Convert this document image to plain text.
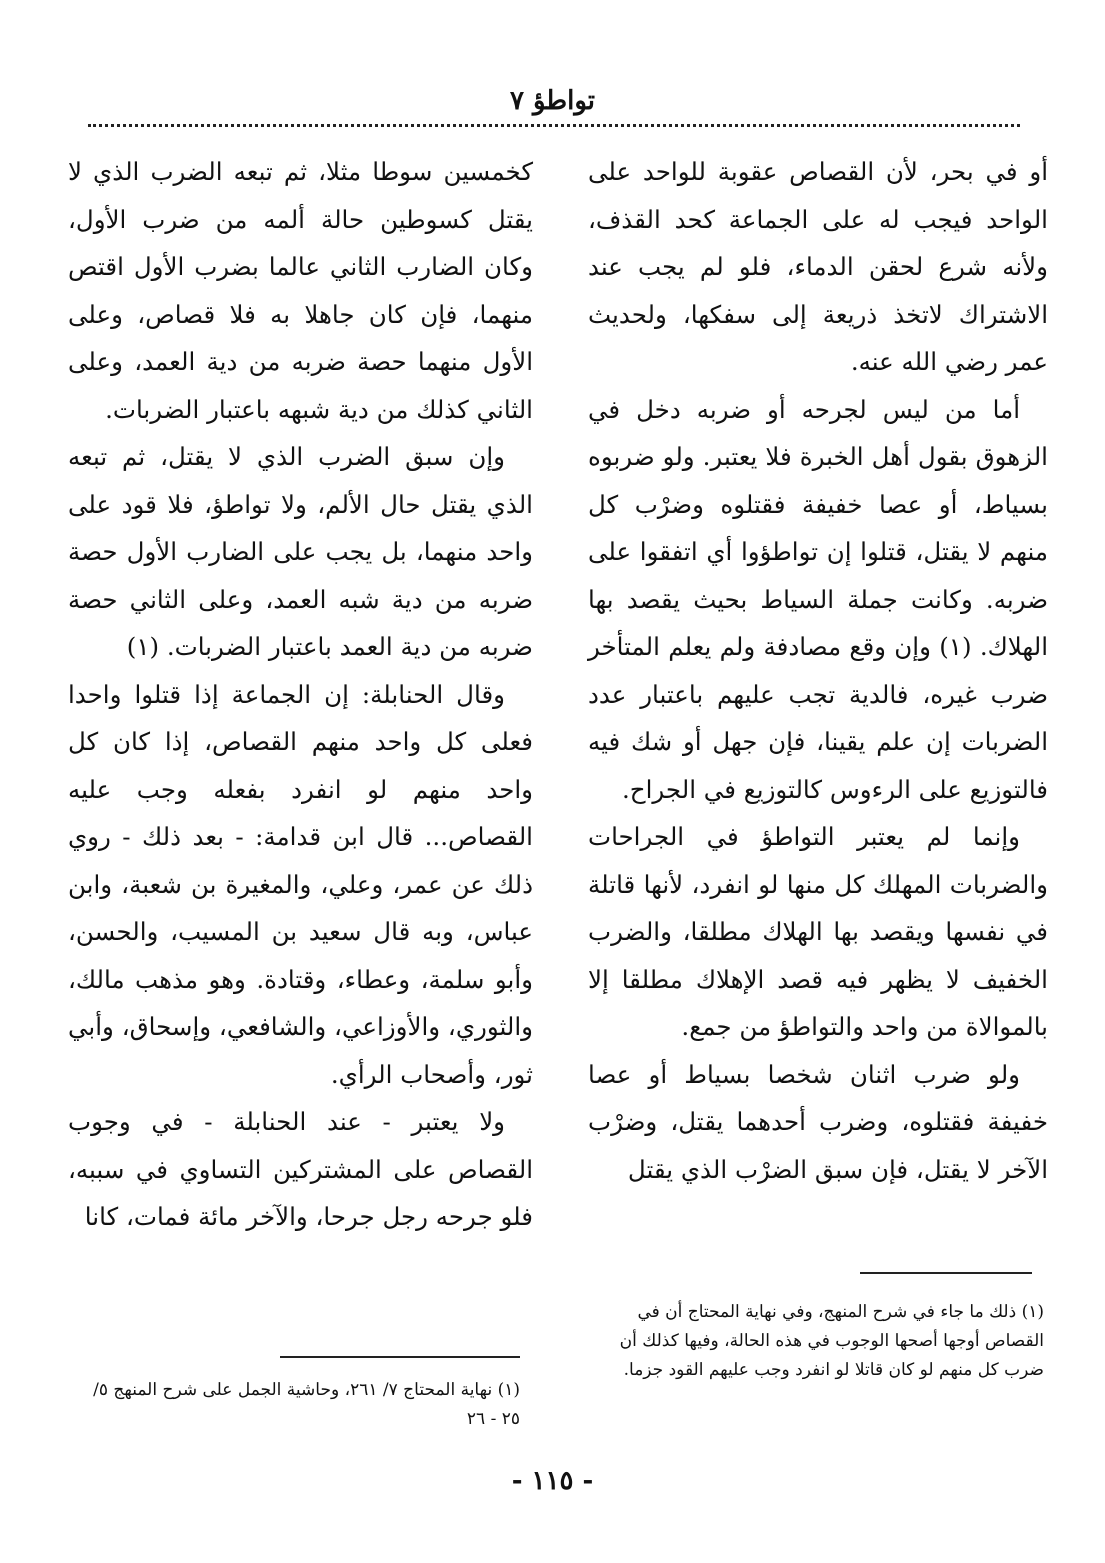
تواطؤ ٧

أو في بحر، لأن القصاص عقوبة للواحد على الواحد فيجب له على الجماعة كحد القذف، ولأنه شرع لحقن الدماء، فلو لم يجب عند الاشتراك لاتخذ ذريعة إلى سفكها، ولحديث عمر رضي الله عنه.

أما من ليس لجرحه أو ضربه دخل في الزهوق بقول أهل الخبرة فلا يعتبر. ولو ضربوه بسياط، أو عصا خفيفة فقتلوه وضرْب كل منهم لا يقتل، قتلوا إن تواطؤوا أي اتفقوا على ضربه. وكانت جملة السياط بحيث يقصد بها الهلاك. (١) وإن وقع مصادفة ولم يعلم المتأخر ضرب غيره، فالدية تجب عليهم باعتبار عدد الضربات إن علم يقينا، فإن جهل أو شك فيه فالتوزيع على الرءوس كالتوزيع في الجراح.

وإنما لم يعتبر التواطؤ في الجراحات والضربات المهلك كل منها لو انفرد، لأنها قاتلة في نفسها ويقصد بها الهلاك مطلقا، والضرب الخفيف لا يظهر فيه قصد الإهلاك مطلقا إلا بالموالاة من واحد والتواطؤ من جمع.

ولو ضرب اثنان شخصا بسياط أو عصا خفيفة فقتلوه، وضرب أحدهما يقتل، وضرْب الآخر لا يقتل، فإن سبق الضرْب الذي يقتل

كخمسين سوطا مثلا، ثم تبعه الضرب الذي لا يقتل كسوطين حالة ألمه من ضرب الأول، وكان الضارب الثاني عالما بضرب الأول اقتص منهما، فإن كان جاهلا به فلا قصاص، وعلى الأول منهما حصة ضربه من دية العمد، وعلى الثاني كذلك من دية شبهه باعتبار الضربات.

وإن سبق الضرب الذي لا يقتل، ثم تبعه الذي يقتل حال الألم، ولا تواطؤ، فلا قود على واحد منهما، بل يجب على الضارب الأول حصة ضربه من دية شبه العمد، وعلى الثاني حصة ضربه من دية العمد باعتبار الضربات. (١)

وقال الحنابلة: إن الجماعة إذا قتلوا واحدا فعلى كل واحد منهم القصاص، إذا كان كل واحد منهم لو انفرد بفعله وجب عليه القصاص... قال ابن قدامة: - بعد ذلك - روي ذلك عن عمر، وعلي، والمغيرة بن شعبة، وابن عباس، وبه قال سعيد بن المسيب، والحسن، وأبو سلمة، وعطاء، وقتادة. وهو مذهب مالك، والثوري، والأوزاعي، والشافعي، وإسحاق، وأبي ثور، وأصحاب الرأي.

ولا يعتبر - عند الحنابلة - في وجوب القصاص على المشتركين التساوي في سببه، فلو جرحه رجل جرحا، والآخر مائة فمات، كانا

(١) ذلك ما جاء في شرح المنهج، وفي نهاية المحتاج أن في القصاص أوجها أصحها الوجوب في هذه الحالة، وفيها كذلك أن ضرب كل منهم لو كان قاتلا لو انفرد وجب عليهم القود جزما.
(١) نهاية المحتاج ٧/ ٢٦١، وحاشية الجمل على شرح المنهج ٥/ ٢٥ - ٢٦
- ١١٥ -
